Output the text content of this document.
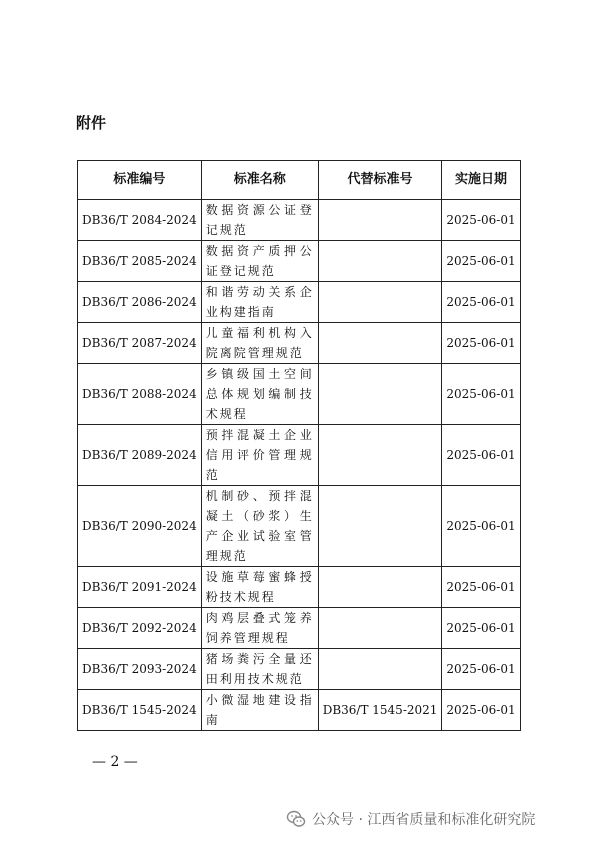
附件
标准编号	标准名称	代替标准号	实施日期
DB36/T 2084-2024	数据资源公证登记规范		2025-06-01
DB36/T 2085-2024	数据资产质押公证登记规范		2025-06-01
DB36/T 2086-2024	和谐劳动关系企业构建指南		2025-06-01
DB36/T 2087-2024	儿童福利机构入院离院管理规范		2025-06-01
DB36/T 2088-2024	乡镇级国土空间总体规划编制技术规程		2025-06-01
DB36/T 2089-2024	预拌混凝土企业信用评价管理规范		2025-06-01
DB36/T 2090-2024	机制砂、预拌混凝土（砂浆）生产企业试验室管理规范		2025-06-01
DB36/T 2091-2024	设施草莓蜜蜂授粉技术规程		2025-06-01
DB36/T 2092-2024	肉鸡层叠式笼养饲养管理规程		2025-06-01
DB36/T 2093-2024	猪场粪污全量还田利用技术规范		2025-06-01
DB36/T 1545-2024	小微湿地建设指南	DB36/T 1545-2021	2025-06-01
— 2 —
公众号 · 江西省质量和标准化研究院
